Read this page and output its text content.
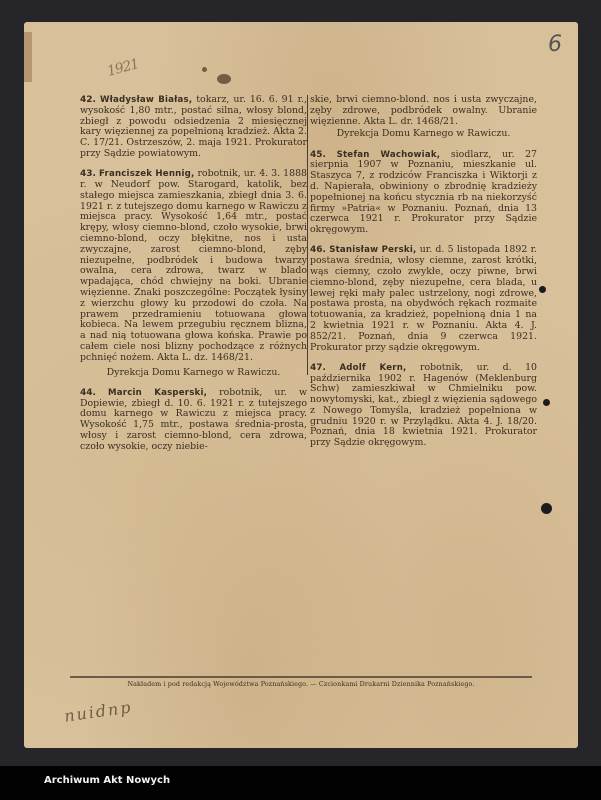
6
1921

42. Władysław Białas, tokarz, ur. 16. 6. 91 r., wysokość 1,80 mtr., postać silna, włosy blond, zbiegł z powodu odsiedzenia 2 miesięcznej kary więziennej za popełnioną kradzież. Akta 2. C. 17/21. Ostrzeszów, 2. maja 1921. Prokurator przy Sądzie powiatowym.

43. Franciszek Hennig, robotnik, ur. 4. 3. 1888 r. w Neudorf pow. Starogard, katolik, bez stałego miejsca zamieszkania, zbiegł dnia 3. 6. 1921 r. z tutejszego domu karnego w Rawiczu z miejsca pracy. Wysokość 1,64 mtr., postać krępy, włosy ciemno-blond, czoło wysokie, brwi ciemno-blond, oczy błękitne, nos i usta zwyczajne, zarost ciemno-blond, zęby niezupełne, podbródek i budowa twarzy owalna, cera zdrowa, twarz w blado wpadająca, chód chwiejny na boki. Ubranie więzienne. Znaki poszczególne: Początek łysiny z wierzchu głowy ku przodowi do czoła. Na prawem przedramieniu totuowana głowa kobieca. Na lewem przegubiu ręcznem blizna, a nad nią totuowana głowa końska. Prawie po całem ciele nosi blizny pochodzące z różnych pchnięć nożem. Akta L. dz. 1468/21.

Dyrekcja Domu Karnego w Rawiczu.

44. Marcin Kasperski, robotnik, ur. w Dopiewie, zbiegł d. 10. 6. 1921 r. z tutejszego domu karnego w Rawiczu z miejsca pracy. Wysokość 1,75 mtr., postawa średnia-prosta, włosy i zarost ciemno-blond, cera zdrowa, czoło wysokie, oczy niebie-

skie, brwi ciemno-blond. nos i usta zwyczajne, zęby zdrowe, podbródek owalny. Ubranie więzienne. Akta L. dr. 1468/21.

Dyrekcja Domu Karnego w Rawiczu.

45. Stefan Wachowiak, siodlarz, ur. 27 sierpnia 1907 w Poznaniu, mieszkanie ul. Staszyca 7, z rodziców Franciszka i Wiktorji z d. Napierała, obwiniony o zbrodnię kradzieży popełnionej na końcu stycznia rb na niekorzyść firmy »Patria« w Poznaniu. Poznań, dnia 13 czerwca 1921 r. Prokurator przy Sądzie okręgowym.

46. Stanisław Perski, ur. d. 5 listopada 1892 r. postawa średnia, włosy ciemne, zarost krótki, wąs ciemny, czoło zwykłe, oczy piwne, brwi ciemno-blond, zęby niezupełne, cera blada, u lewej ręki mały palec ustrzelony, nogi zdrowe, postawa prosta, na obydwóch rękach rozmaite totuowania, za kradzież, popełnioną dnia 1 na 2 kwietnia 1921 r. w Poznaniu. Akta 4. J. 852/21. Poznań, dnia 9 czerwca 1921. Prokurator przy sądzie okręgowym.

47. Adolf Kern, robotnik, ur. d. 10 października 1902 r. Hagenów (Meklenburg Schw) zamieszkiwał w Chmielniku pow. nowytomyski, kat., zbiegł z więzienia sądowego z Nowego Tomyśla, kradzież popełniona w grudniu 1920 r. w Przylądku. Akta 4. J. 18/20. Poznań, dnia 18 kwietnia 1921. Prokurator przy Sądzie okręgowym.

Nakładem i pod redakcją Województwa Poznańskiego. — Czcionkami Drukarni Dziennika Poznańskiego.
nuidnp
Archiwum Akt Nowych
